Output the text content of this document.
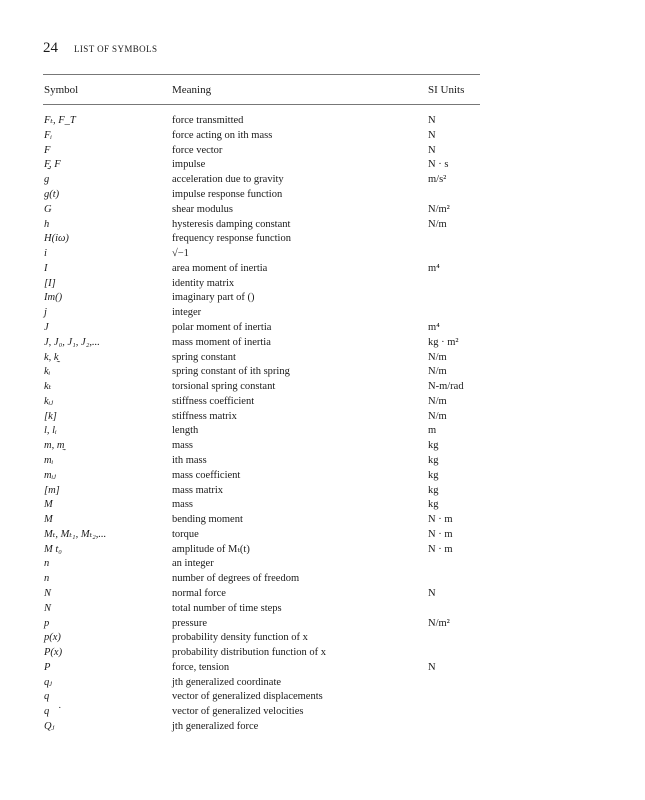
24 LIST OF SYMBOLS
Symbol	Meaning	SI Units
Fₜ, F_T	force transmitted	N
Fᵢ	force acting on ith mass	N
F⃗	force vector	N
F̰, F	impulse	N · s
g	acceleration due to gravity	m/s²
g(t)	impulse response function
G	shear modulus	N/m²
h	hysteresis damping constant	N/m
H(iω)	frequency response function
i	√−1
I	area moment of inertia	m⁴
[I]	identity matrix
Im()	imaginary part of ()
j	integer
J	polar moment of inertia	m⁴
J, J₀, J₁, J₂,...	mass moment of inertia	kg · m²
k, k̰	spring constant	N/m
kᵢ	spring constant of ith spring	N/m
kₜ	torsional spring constant	N-m/rad
kᵢⱼ	stiffness coefficient	N/m
[k]	stiffness matrix	N/m
l, lᵢ	length	m
m, m̰	mass	kg
mᵢ	ith mass	kg
mᵢⱼ	mass coefficient	kg
[m]	mass matrix	kg
M	mass	kg
M	bending moment	N · m
Mₜ, Mₜ₁, Mₜ₂,...	torque	N · m
M t₀	amplitude of Mₜ(t)	N · m
n	an integer
n	number of degrees of freedom
N	normal force	N
N	total number of time steps
p	pressure	N/m²
p(x)	probability density function of x
P(x)	probability distribution function of x
P	force, tension	N
qⱼ	jth generalized coordinate
q⃗	vector of generalized displacements
q⃗̇	vector of generalized velocities
Qⱼ	jth generalized force
